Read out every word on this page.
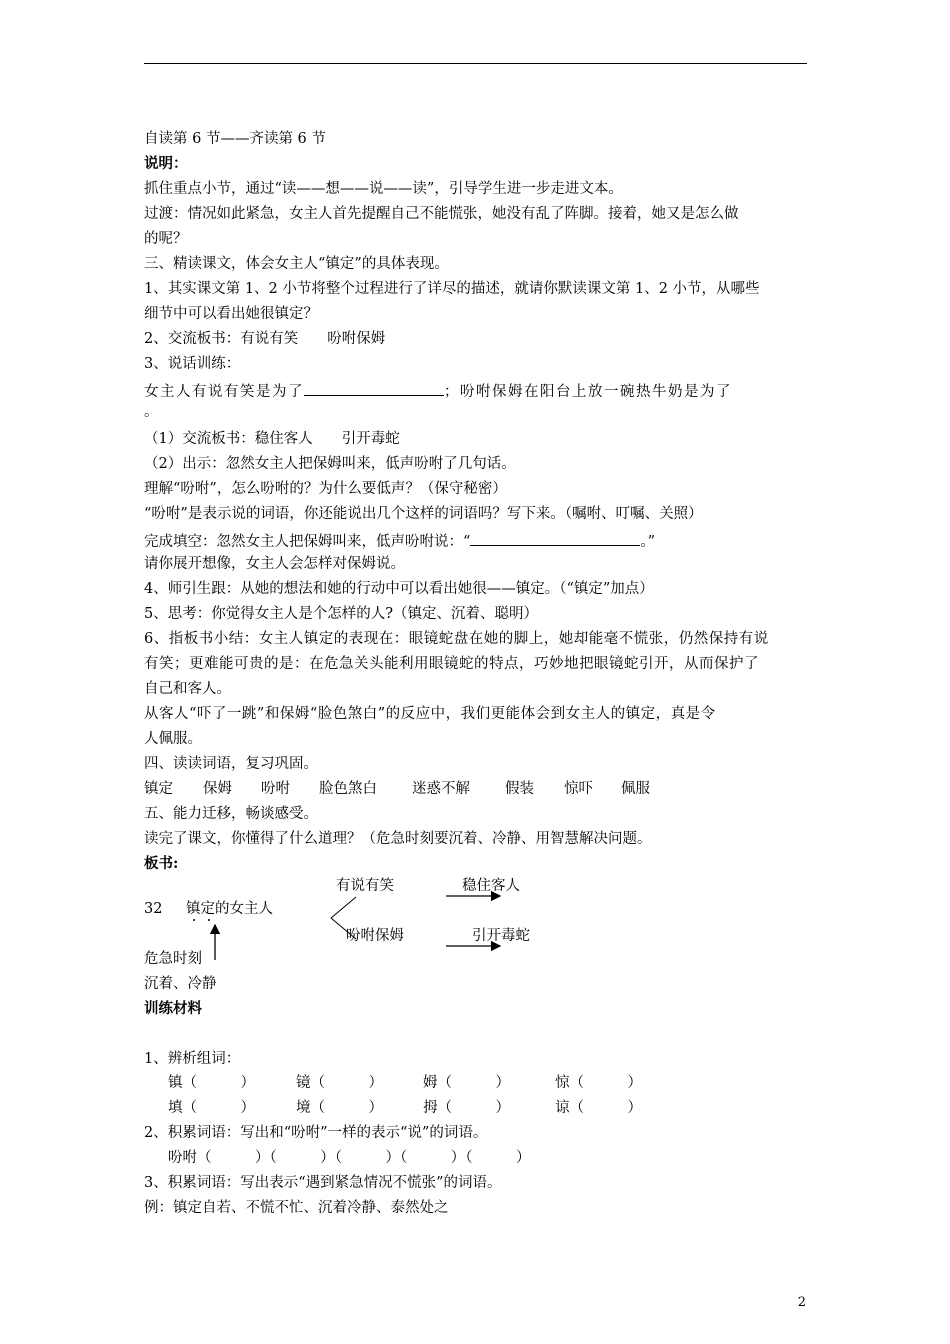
自读第 6 节——齐读第 6 节
说明：
抓住重点小节，通过“读——想——说——读”，引导学生进一步走进文本。
过渡：情况如此紧急，女主人首先提醒自己不能慌张，她没有乱了阵脚。接着，她又是怎么做
的呢？
三、精读课文，体会女主人“镇定”的具体表现。
1、其实课文第 1、2 小节将整个过程进行了详尽的描述，就请你默读课文第 1、2 小节，从哪些
细节中可以看出她很镇定？
2、交流板书：有说有笑　　吩咐保姆
3、说话训练：
女主人有说有笑是为了	；吩咐保姆在阳台上放一碗热牛奶是为了
。
（1）交流板书：稳住客人　　引开毒蛇
（2）出示：忽然女主人把保姆叫来，低声吩咐了几句话。
理解“吩咐”，怎么吩咐的？为什么要低声？（保守秘密）
“吩咐”是表示说的词语，你还能说出几个这样的词语吗？写下来。（嘱咐、叮嘱、关照）
完成填空：忽然女主人把保姆叫来，低声吩咐说：“	。”
请你展开想像，女主人会怎样对保姆说。
4、师引生跟：从她的想法和她的行动中可以看出她很——镇定。（“镇定”加点）
5、思考：你觉得女主人是个怎样的人?（镇定、沉着、聪明）
6、指板书小结：女主人镇定的表现在：眼镜蛇盘在她的脚上，她却能毫不慌张，仍然保持有说
有笑；更难能可贵的是：在危急关头能利用眼镜蛇的特点，巧妙地把眼镜蛇引开，从而保护了
自己和客人。
从客人“吓了一跳”和保姆“脸色煞白”的反应中，我们更能体会到女主人的镇定，真是令
人佩服。
四、读读词语，复习巩固。
镇定 保姆 吩咐 脸色煞白 迷惑不解 假装 惊吓 佩服
五、能力迁移，畅谈感受。
读完了课文，你懂得了什么道理？（危急时刻要沉着、冷静、用智慧解决问题。
板书:
有说有笑	稳住客人
32 镇定的女主人
吩咐保姆	引开毒蛇
危急时刻
沉着、冷静
训练材料
1、辨析组词：
镇（　　　）	镜（　　　）	姆（　　　）	惊（　　　）
填（　　　）	境（　　　）	拇（　　　）	谅（　　　）
2、积累词语：写出和“吩咐”一样的表示“说”的词语。
吩咐（　　　）（　　　）（　　　）（　　　）（　　　）
3、积累词语：写出表示“遇到紧急情况不慌张”的词语。
例：镇定自若、不慌不忙、沉着冷静、泰然处之
2
